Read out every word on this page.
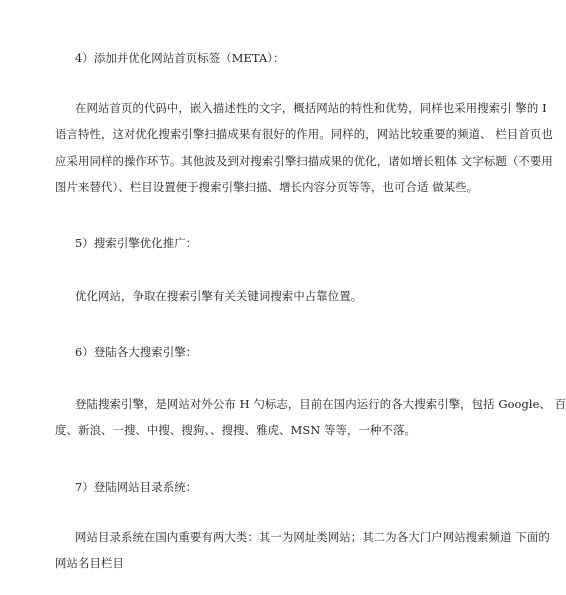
4）添加并优化网站首页标签（META）：
在网站首页的代码中，嵌入描述性的文字，概括网站的特性和优势，同样也采用搜索引 擎的 I
语言特性，这对优化搜索引擎扫描成果有很好的作用。同样的，网站比较重要的频道、 栏目首页也
应采用同样的操作环节。其他波及到对搜索引擎扫描成果的优化，诸如增长粗体 文字标题（不要用
图片来替代）、栏目设置便于搜索引擎扫描、增长内容分页等等，也可合适 做某些。
5）搜索引擎优化推广：
优化网站，争取在搜索引擎有关关键词搜索中占靠位置。
6）登陆各大搜索引擎：
登陆搜索引擎，是网站对外公布 H 勺标志，目前在国内运行的各大搜索引擎，包括 Google、 百
度、新浪、一搜、中搜、搜狗、、搜搜、雅虎、MSN 等等，一种不落。
7）登陆网站目录系统：
网站目录系统在国内重要有两大类：其一为网址类网站；其二为各大门户网站搜索频道 下面的
网站名目栏目
